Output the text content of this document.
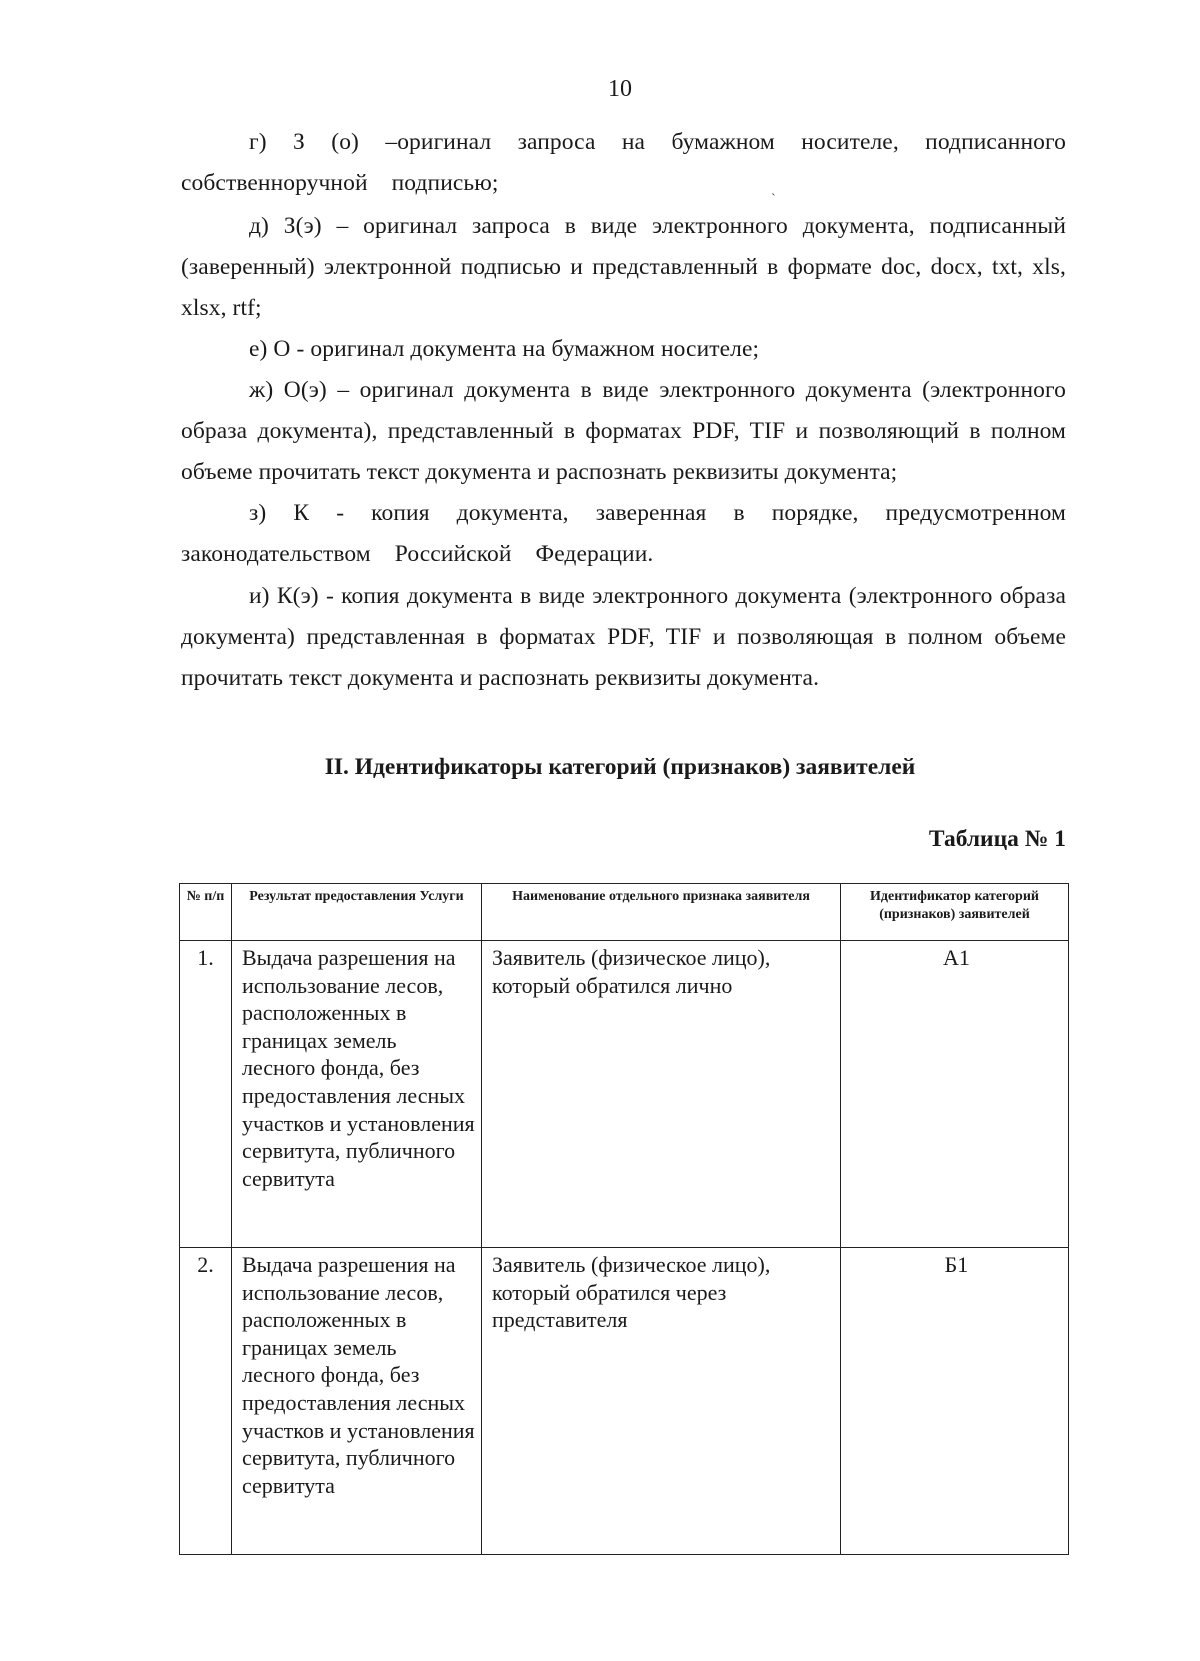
10

г) З (о) –оригинал запроса на бумажном носителе, подписанного собственноручной подписью;

д) З(э) – оригинал запроса в виде электронного документа, подписанный (заверенный) электронной подписью и представленный в формате doc, docx, txt, xls, xlsx, rtf;

е) О - оригинал документа на бумажном носителе;

ж) О(э) – оригинал документа в виде электронного документа (электронного образа документа), представленный в форматах PDF, TIF и позволяющий в полном объеме прочитать текст документа и распознать реквизиты документа;

з) К - копия документа, заверенная в порядке, предусмотренном законодательством Российской Федерации.

и) К(э) - копия документа в виде электронного документа (электронного образа документа) представленная в форматах PDF, TIF и позволяющая в полном объеме прочитать текст документа и распознать реквизиты документа.

II. Идентификаторы категорий (признаков) заявителей
Таблица № 1
№ п/п	Результат предоставления Услуги	Наименование отдельного признака заявителя	Идентификатор категорий (признаков) заявителей
1.	Выдача разрешения на использование лесов, расположенных в границах земель лесного фонда, без предоставления лесных участков и установления сервитута, публичного сервитута	Заявитель (физическое лицо), который обратился лично	А1
2.	Выдача разрешения на использование лесов, расположенных в границах земель лесного фонда, без предоставления лесных участков и установления сервитута, публичного сервитута	Заявитель (физическое лицо), который обратился через представителя	Б1
ˋ
